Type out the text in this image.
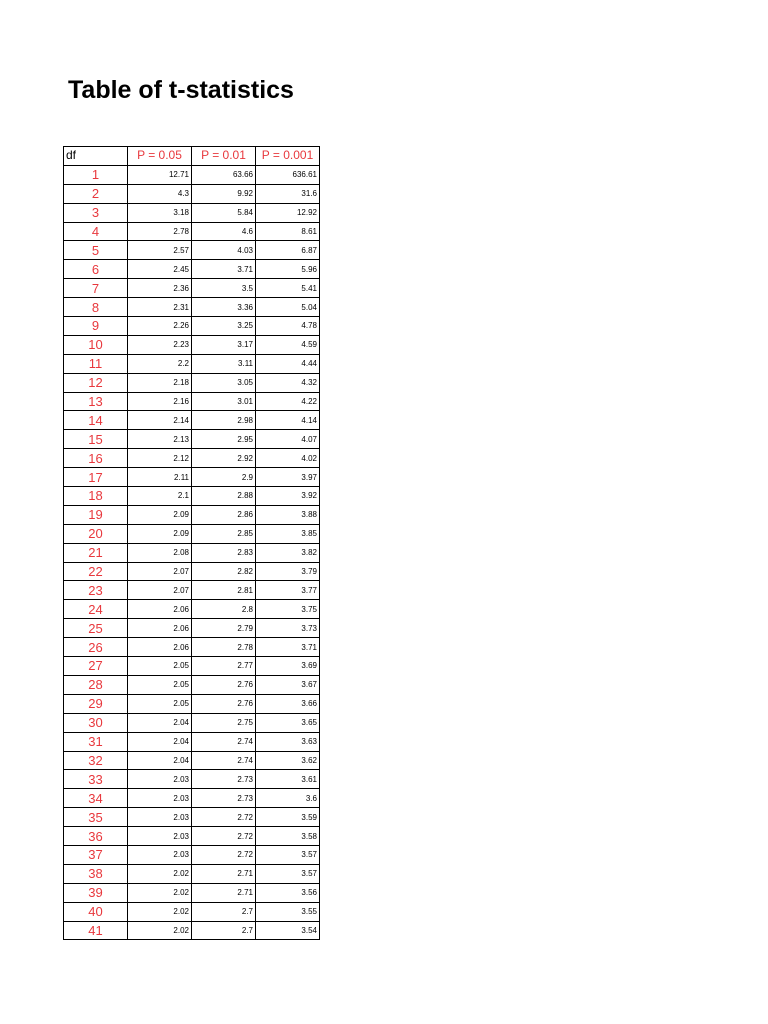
Table of t-statistics
df	P = 0.05	P = 0.01	P = 0.001
1	12.71	63.66	636.61
2	4.3	9.92	31.6
3	3.18	5.84	12.92
4	2.78	4.6	8.61
5	2.57	4.03	6.87
6	2.45	3.71	5.96
7	2.36	3.5	5.41
8	2.31	3.36	5.04
9	2.26	3.25	4.78
10	2.23	3.17	4.59
11	2.2	3.11	4.44
12	2.18	3.05	4.32
13	2.16	3.01	4.22
14	2.14	2.98	4.14
15	2.13	2.95	4.07
16	2.12	2.92	4.02
17	2.11	2.9	3.97
18	2.1	2.88	3.92
19	2.09	2.86	3.88
20	2.09	2.85	3.85
21	2.08	2.83	3.82
22	2.07	2.82	3.79
23	2.07	2.81	3.77
24	2.06	2.8	3.75
25	2.06	2.79	3.73
26	2.06	2.78	3.71
27	2.05	2.77	3.69
28	2.05	2.76	3.67
29	2.05	2.76	3.66
30	2.04	2.75	3.65
31	2.04	2.74	3.63
32	2.04	2.74	3.62
33	2.03	2.73	3.61
34	2.03	2.73	3.6
35	2.03	2.72	3.59
36	2.03	2.72	3.58
37	2.03	2.72	3.57
38	2.02	2.71	3.57
39	2.02	2.71	3.56
40	2.02	2.7	3.55
41	2.02	2.7	3.54
